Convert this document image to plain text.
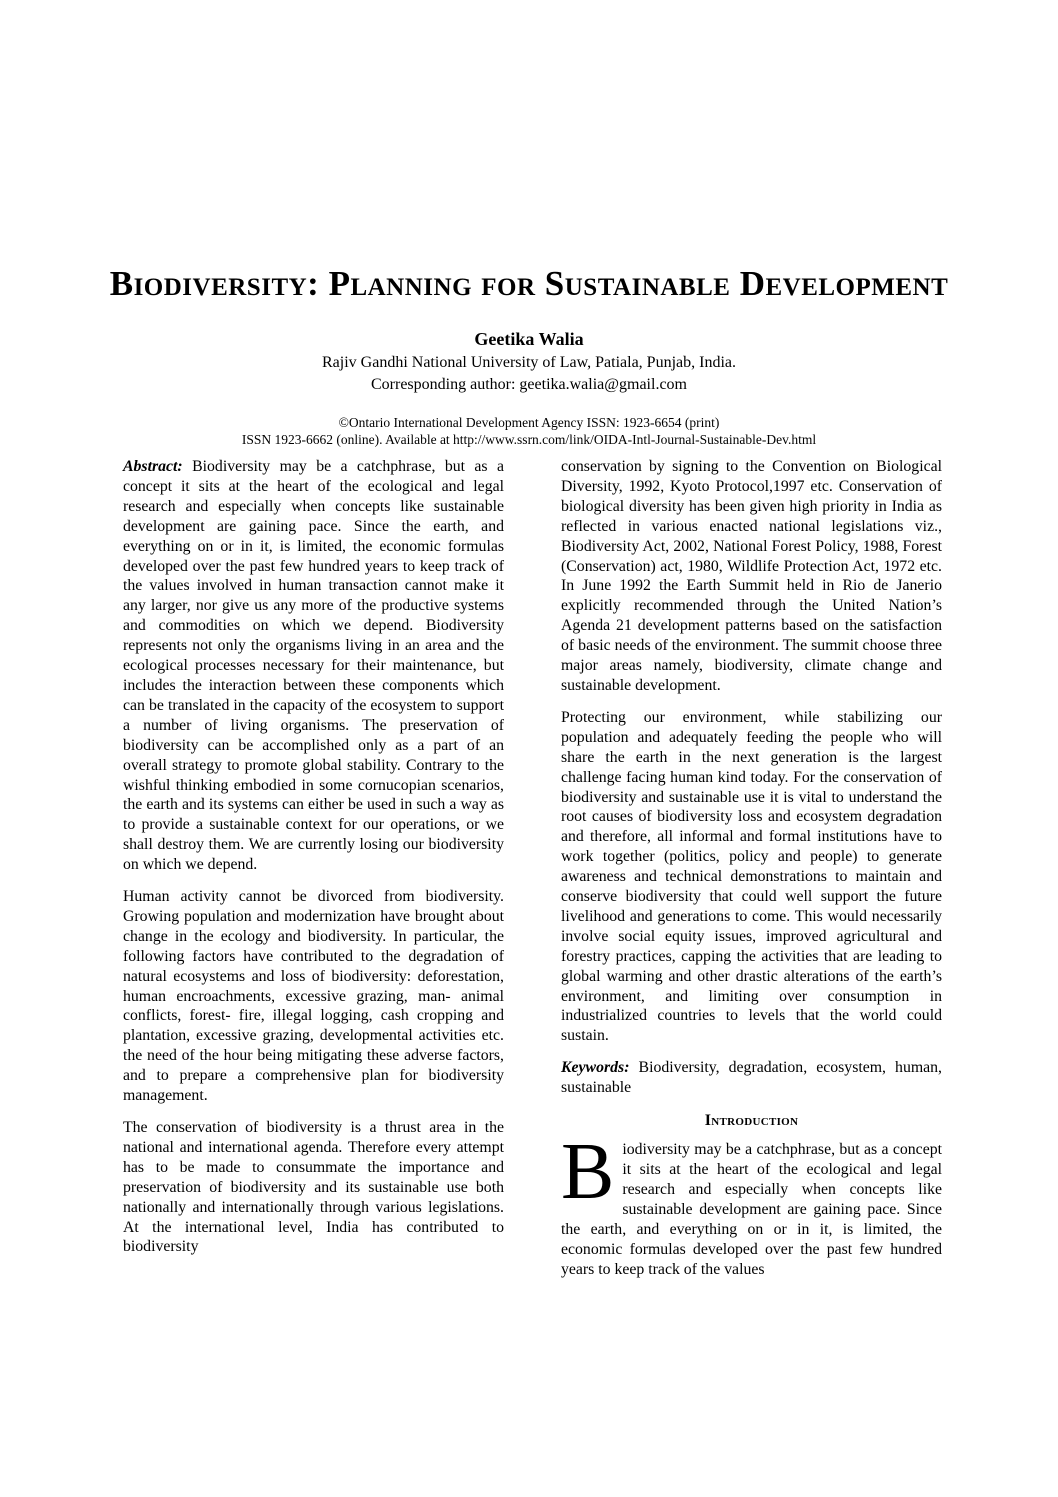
Biodiversity: Planning for Sustainable Development
Geetika Walia
Rajiv Gandhi National University of Law, Patiala, Punjab, India.
Corresponding author: geetika.walia@gmail.com
©Ontario International Development Agency ISSN: 1923-6654 (print)
ISSN 1923-6662 (online). Available at http://www.ssrn.com/link/OIDA-Intl-Journal-Sustainable-Dev.html

Abstract: Biodiversity may be a catchphrase, but as a concept it sits at the heart of the ecological and legal research and especially when concepts like sustainable development are gaining pace. Since the earth, and everything on or in it, is limited, the economic formulas developed over the past few hundred years to keep track of the values involved in human transaction cannot make it any larger, nor give us any more of the productive systems and commodities on which we depend. Biodiversity represents not only the organisms living in an area and the ecological processes necessary for their maintenance, but includes the interaction between these components which can be translated in the capacity of the ecosystem to support a number of living organisms. The preservation of biodiversity can be accomplished only as a part of an overall strategy to promote global stability. Contrary to the wishful thinking embodied in some cornucopian scenarios, the earth and its systems can either be used in such a way as to provide a sustainable context for our operations, or we shall destroy them. We are currently losing our biodiversity on which we depend.

Human activity cannot be divorced from biodiversity. Growing population and modernization have brought about change in the ecology and biodiversity. In particular, the following factors have contributed to the degradation of natural ecosystems and loss of biodiversity: deforestation, human encroachments, excessive grazing, man- animal conflicts, forest- fire, illegal logging, cash cropping and plantation, excessive grazing, developmental activities etc. the need of the hour being mitigating these adverse factors, and to prepare a comprehensive plan for biodiversity management.

The conservation of biodiversity is a thrust area in the national and international agenda. Therefore every attempt has to be made to consummate the importance and preservation of biodiversity and its sustainable use both nationally and internationally through various legislations. At the international level, India has contributed to biodiversity

conservation by signing to the Convention on Biological Diversity, 1992, Kyoto Protocol,1997 etc. Conservation of biological diversity has been given high priority in India as reflected in various enacted national legislations viz., Biodiversity Act, 2002, National Forest Policy, 1988, Forest (Conservation) act, 1980, Wildlife Protection Act, 1972 etc. In June 1992 the Earth Summit held in Rio de Janerio explicitly recommended through the United Nation’s Agenda 21 development patterns based on the satisfaction of basic needs of the environment. The summit choose three major areas namely, biodiversity, climate change and sustainable development.

Protecting our environment, while stabilizing our population and adequately feeding the people who will share the earth in the next generation is the largest challenge facing human kind today. For the conservation of biodiversity and sustainable use it is vital to understand the root causes of biodiversity loss and ecosystem degradation and therefore, all informal and formal institutions have to work together (politics, policy and people) to generate awareness and technical demonstrations to maintain and conserve biodiversity that could well support the future livelihood and generations to come. This would necessarily involve social equity issues, improved agricultural and forestry practices, capping the activities that are leading to global warming and other drastic alterations of the earth’s environment, and limiting over consumption in industrialized countries to levels that the world could sustain.

Keywords: Biodiversity, degradation, ecosystem, human, sustainable

Introduction

Biodiversity may be a catchphrase, but as a concept it sits at the heart of the ecological and legal research and especially when concepts like sustainable development are gaining pace. Since the earth, and everything on or in it, is limited, the economic formulas developed over the past few hundred years to keep track of the values
